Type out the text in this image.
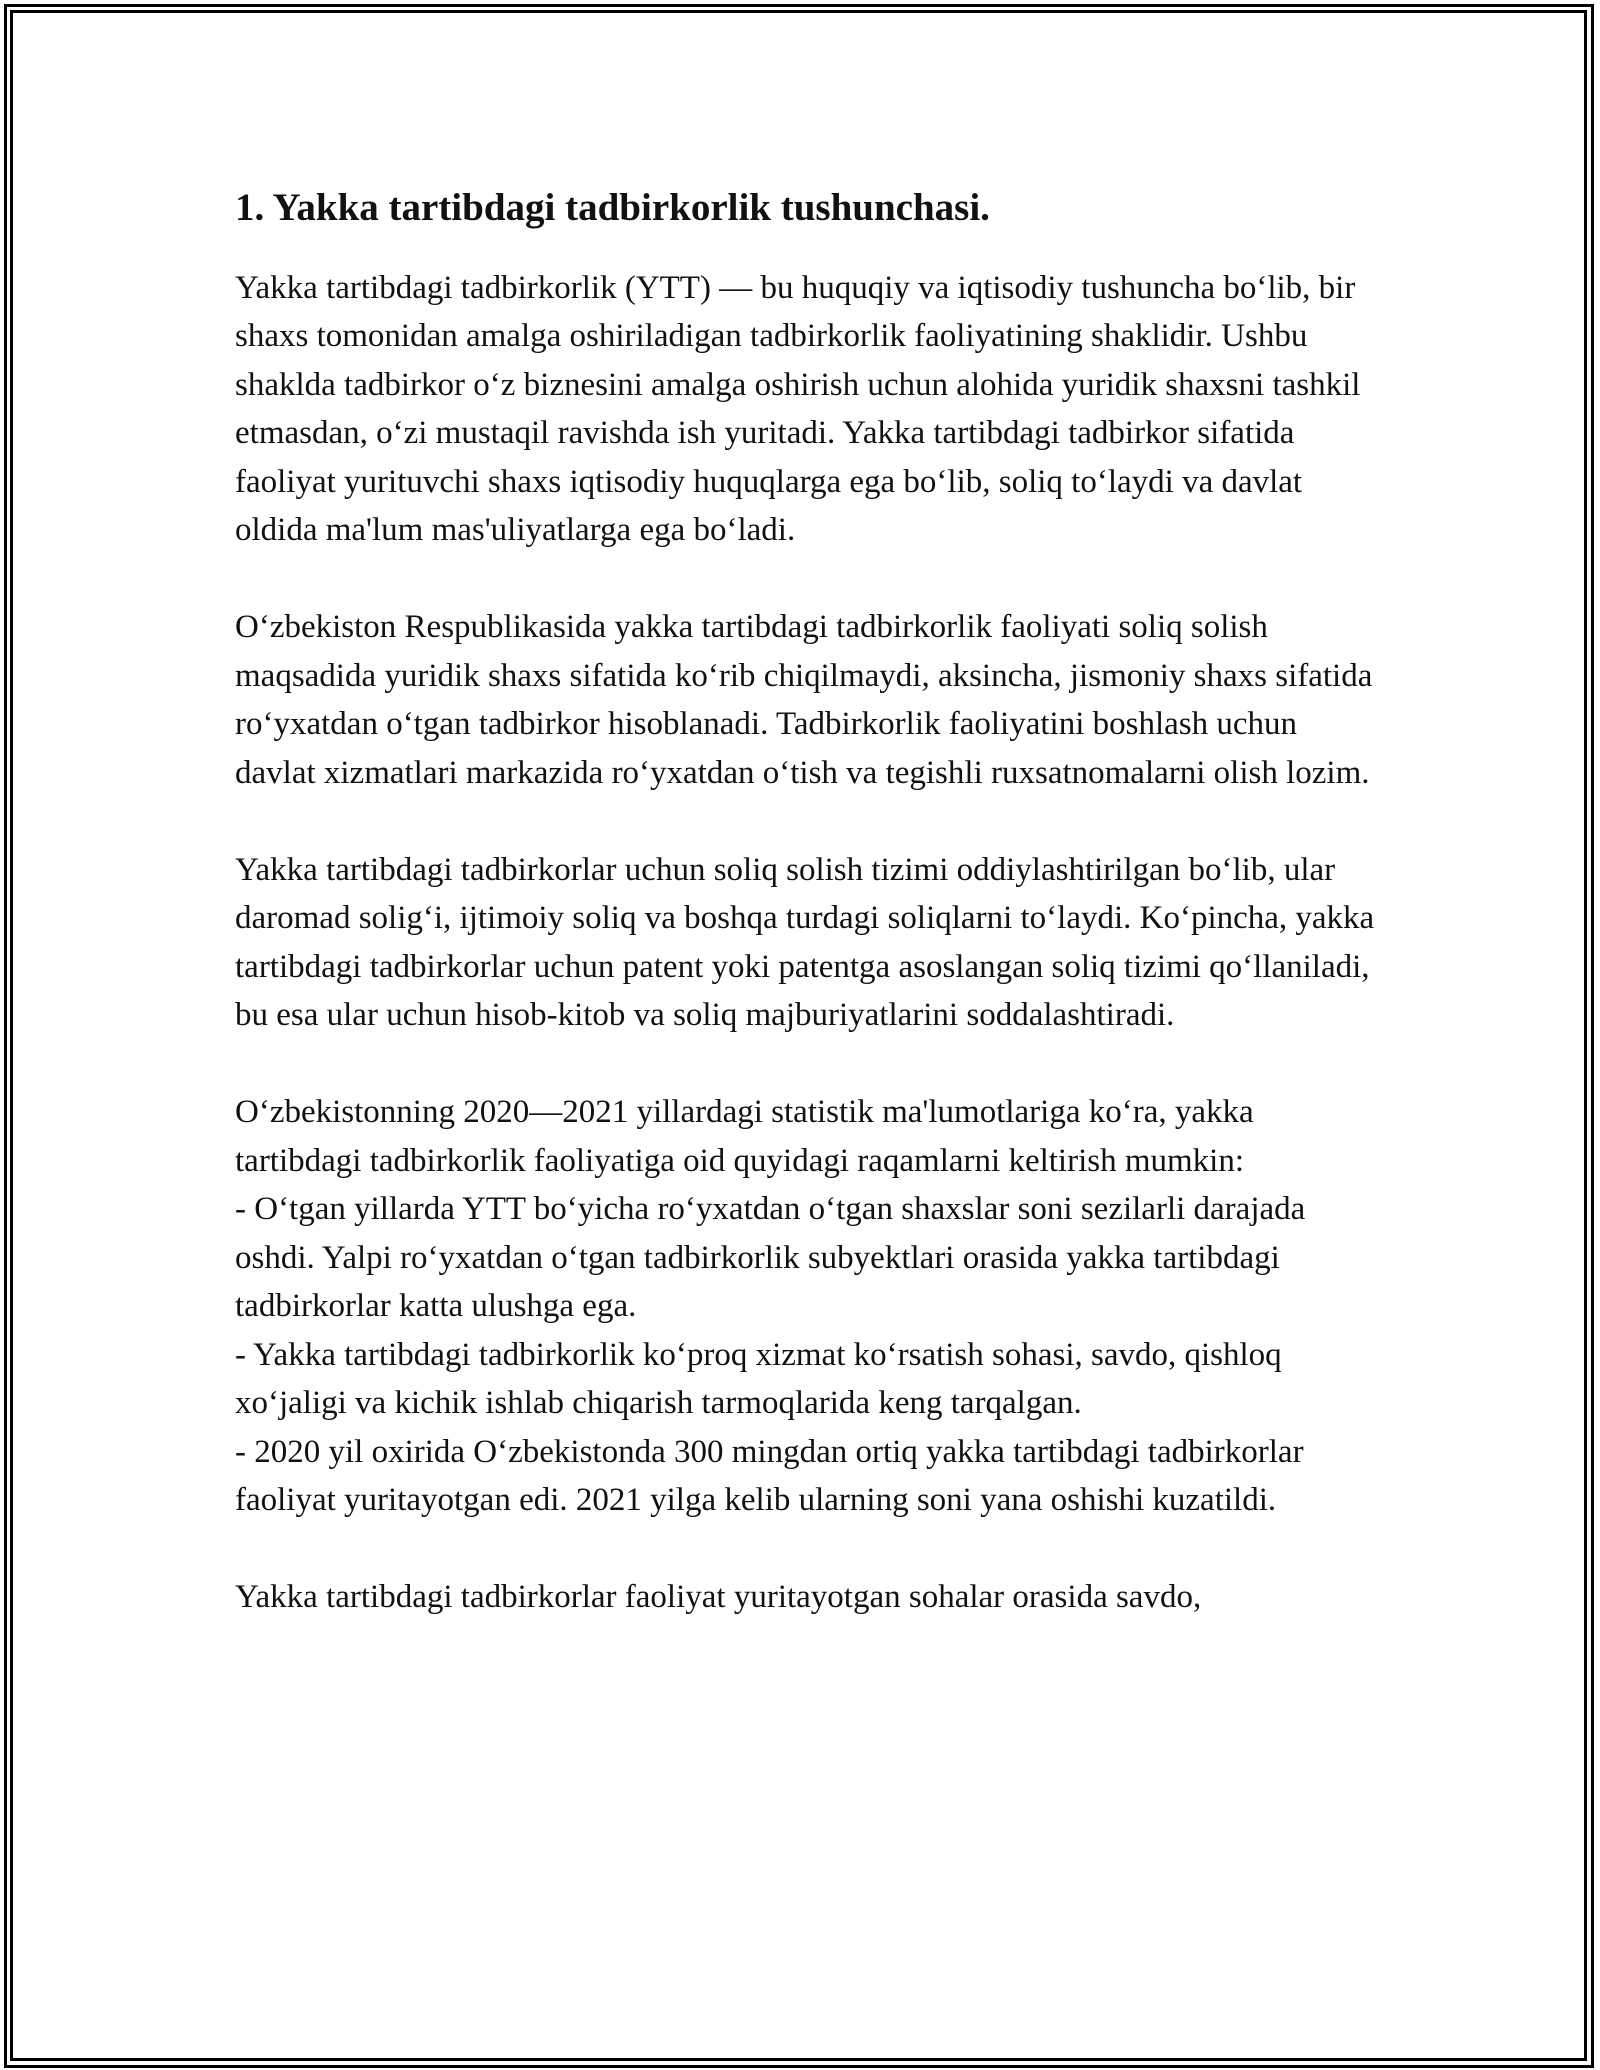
1. Yakka tartibdagi tadbirkorlik tushunchasi.

Yakka tartibdagi tadbirkorlik (YTT) — bu huquqiy va iqtisodiy tushuncha bo‘lib, bir shaxs tomonidan amalga oshiriladigan tadbirkorlik faoliyatining shaklidir. Ushbu shaklda tadbirkor o‘z biznesini amalga oshirish uchun alohida yuridik shaxsni tashkil etmasdan, o‘zi mustaqil ravishda ish yuritadi. Yakka tartibdagi tadbirkor sifatida faoliyat yurituvchi shaxs iqtisodiy huquqlarga ega bo‘lib, soliq to‘laydi va davlat oldida ma'lum mas'uliyatlarga ega bo‘ladi.

O‘zbekiston Respublikasida yakka tartibdagi tadbirkorlik faoliyati soliq solish maqsadida yuridik shaxs sifatida ko‘rib chiqilmaydi, aksincha, jismoniy shaxs sifatida ro‘yxatdan o‘tgan tadbirkor hisoblanadi. Tadbirkorlik faoliyatini boshlash uchun davlat xizmatlari markazida ro‘yxatdan o‘tish va tegishli ruxsatnomalarni olish lozim.

Yakka tartibdagi tadbirkorlar uchun soliq solish tizimi oddiylashtirilgan bo‘lib, ular daromad solig‘i, ijtimoiy soliq va boshqa turdagi soliqlarni to‘laydi. Ko‘pincha, yakka tartibdagi tadbirkorlar uchun patent yoki patentga asoslangan soliq tizimi qo‘llaniladi, bu esa ular uchun hisob-kitob va soliq majburiyatlarini soddalashtiradi.

O‘zbekistonning 2020—2021 yillardagi statistik ma'lumotlariga ko‘ra, yakka tartibdagi tadbirkorlik faoliyatiga oid quyidagi raqamlarni keltirish mumkin:
- O‘tgan yillarda YTT bo‘yicha ro‘yxatdan o‘tgan shaxslar soni sezilarli darajada oshdi. Yalpi ro‘yxatdan o‘tgan tadbirkorlik subyektlari orasida yakka tartibdagi tadbirkorlar katta ulushga ega.
- Yakka tartibdagi tadbirkorlik ko‘proq xizmat ko‘rsatish sohasi, savdo, qishloq xo‘jaligi va kichik ishlab chiqarish tarmoqlarida keng tarqalgan.
- 2020 yil oxirida O‘zbekistonda 300 mingdan ortiq yakka tartibdagi tadbirkorlar faoliyat yuritayotgan edi. 2021 yilga kelib ularning soni yana oshishi kuzatildi.

Yakka tartibdagi tadbirkorlar faoliyat yuritayotgan sohalar orasida savdo,
